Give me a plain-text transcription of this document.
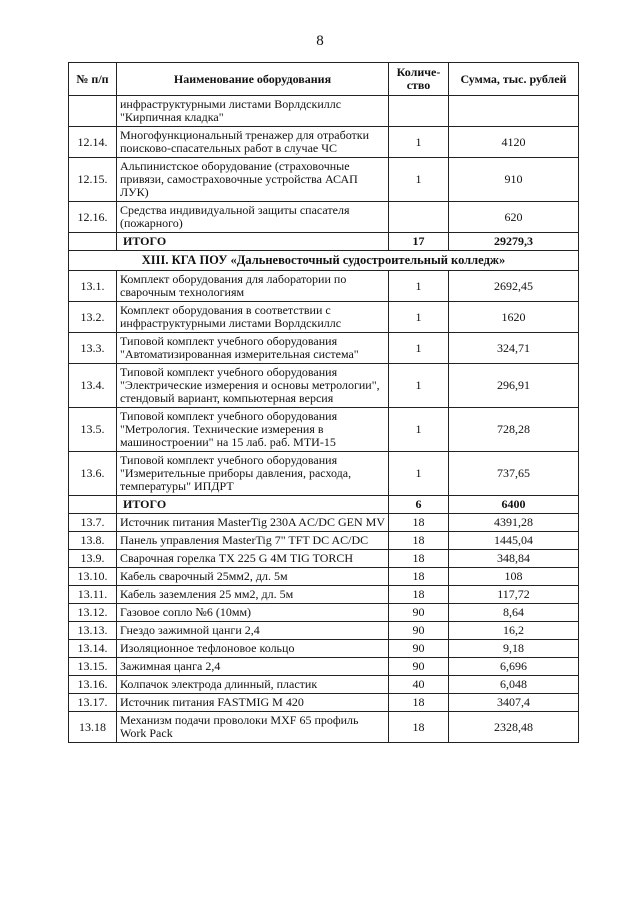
8
№ п/п	Наименование оборудования	Количе-ство	Сумма, тыс. рублей
	инфраструктурными листами Ворлдскиллс "Кирпичная кладка"		
12.14.	Многофункциональный тренажер для отработки поисково-спасательных работ в случае ЧС	1	4120
12.15.	Альпинистское оборудование (страховочные привязи, самостраховочные устройства АСАП ЛУК)	1	910
12.16.	Средства индивидуальной защиты спасателя (пожарного)		620
	ИТОГО	17	29279,3
XIII. КГА ПОУ «Дальневосточный судостроительный колледж»			
13.1.	Комплект оборудования для лаборатории по сварочным технологиям	1	2692,45
13.2.	Комплект оборудования в соответствии с инфраструктурными листами Ворлдскиллс	1	1620
13.3.	Типовой комплект учебного оборудования "Автоматизированная измерительная система"	1	324,71
13.4.	Типовой комплект учебного оборудования "Электрические измерения и основы метрологии", стендовый вариант, компьютерная версия	1	296,91
13.5.	Типовой комплект учебного оборудования "Метрология. Технические измерения в машиностроении" на 15 лаб. раб. МТИ-15	1	728,28
13.6.	Типовой комплект учебного оборудования "Измерительные приборы давления, расхода, температуры" ИПДРТ	1	737,65
	ИТОГО	6	6400
13.7.	Источник питания MasterTig 230A AC/DC GEN MV	18	4391,28
13.8.	Панель управления MasterTig 7" TFT DC AC/DC	18	1445,04
13.9.	Сварочная горелка TX 225 G 4M TIG TORCH	18	348,84
13.10.	Кабель сварочный 25мм2, дл. 5м	18	108
13.11.	Кабель заземления 25 мм2, дл. 5м	18	117,72
13.12.	Газовое сопло №6 (10мм)	90	8,64
13.13.	Гнездо зажимной цанги 2,4	90	16,2
13.14.	Изоляционное тефлоновое кольцо	90	9,18
13.15.	Зажимная цанга 2,4	90	6,696
13.16.	Колпачок электрода длинный, пластик	40	6,048
13.17.	Источник питания FASTMIG M 420	18	3407,4
13.18	Механизм подачи проволоки MXF 65 профиль Work Pack	18	2328,48
